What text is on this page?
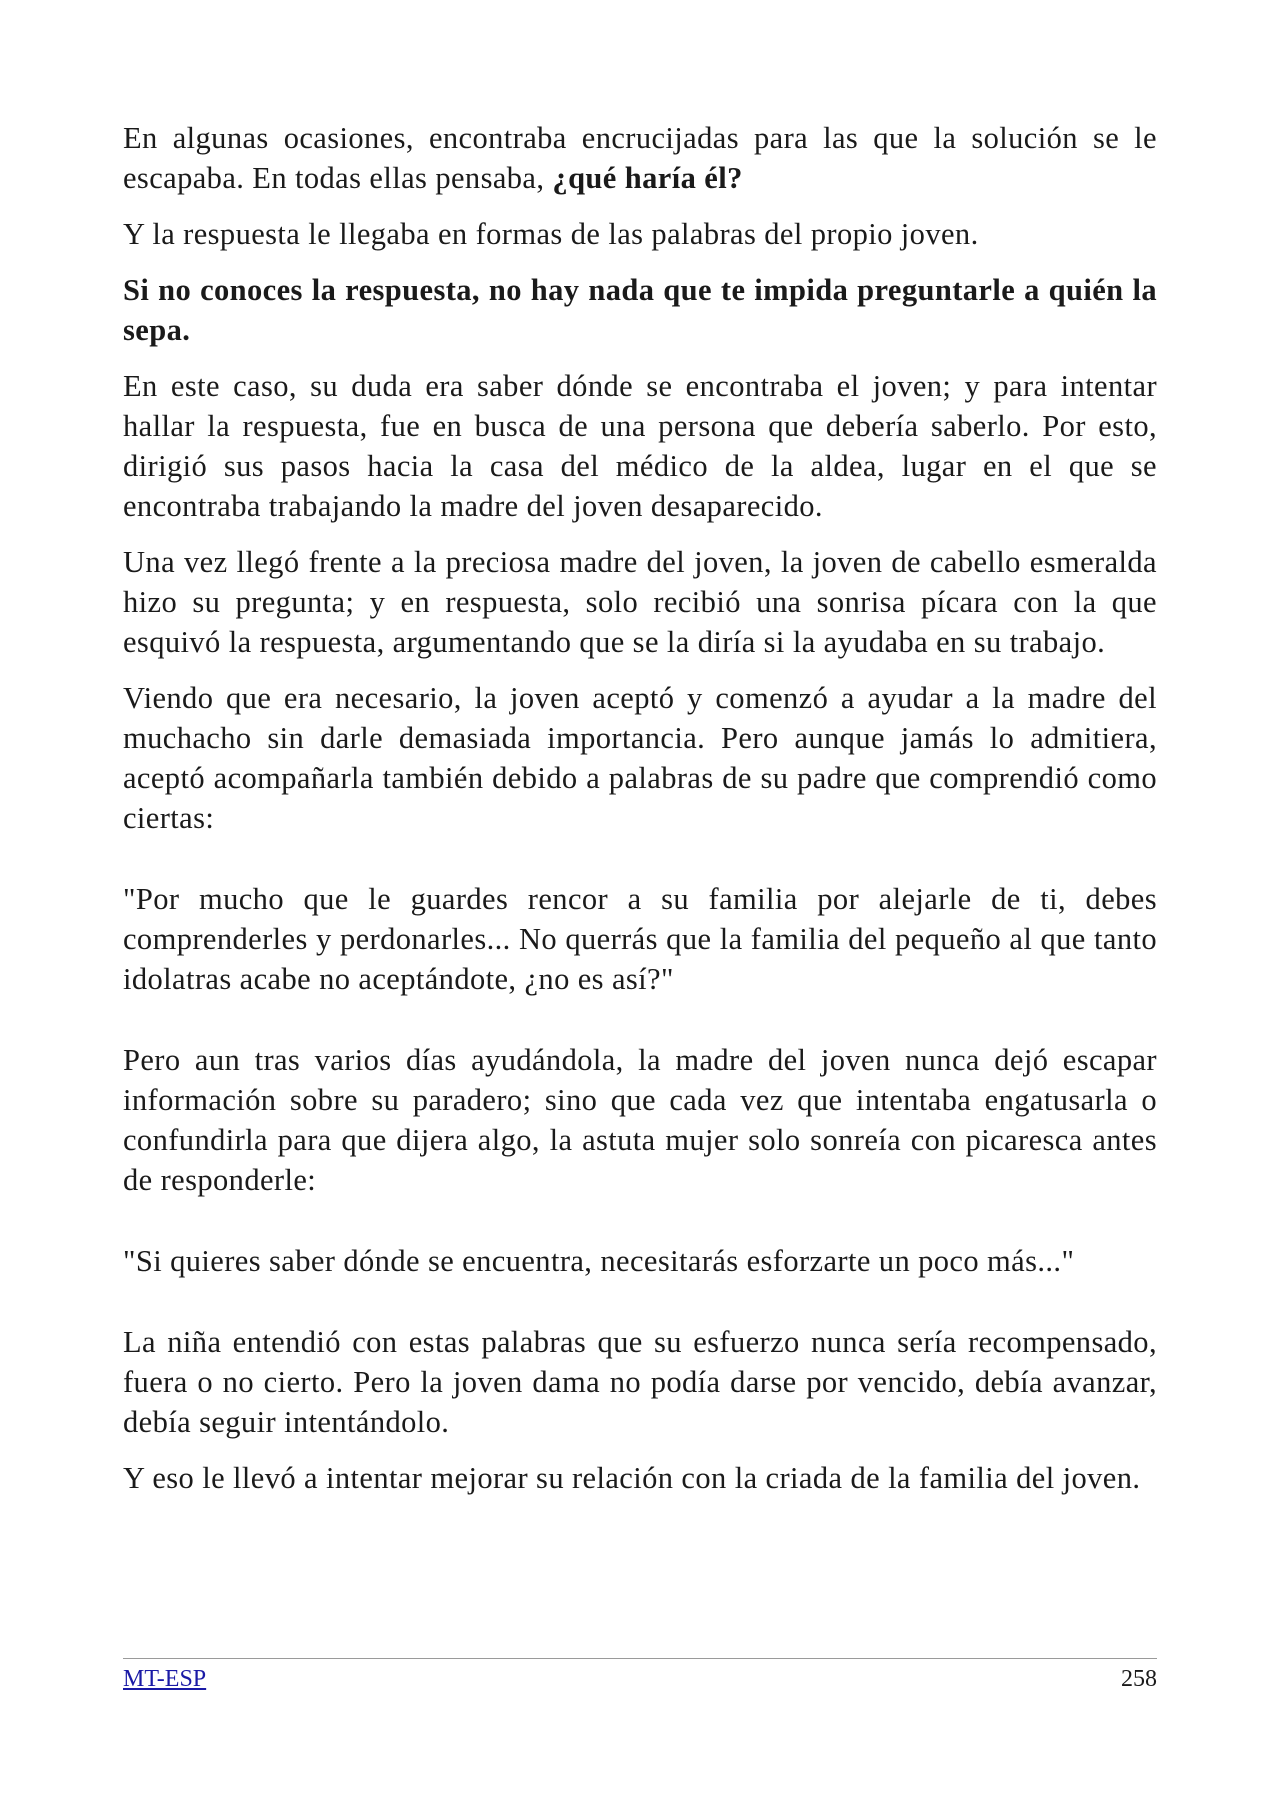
En algunas ocasiones, encontraba encrucijadas para las que la solución se le escapaba. En todas ellas pensaba, ¿qué haría él?

Y la respuesta le llegaba en formas de las palabras del propio joven.

Si no conoces la respuesta, no hay nada que te impida preguntarle a quién la sepa.

En este caso, su duda era saber dónde se encontraba el joven; y para intentar hallar la respuesta, fue en busca de una persona que debería saberlo. Por esto, dirigió sus pasos hacia la casa del médico de la aldea, lugar en el que se encontraba trabajando la madre del joven desaparecido.

Una vez llegó frente a la preciosa madre del joven, la joven de cabello esmeralda hizo su pregunta; y en respuesta, solo recibió una sonrisa pícara con la que esquivó la respuesta, argumentando que se la diría si la ayudaba en su trabajo.

Viendo que era necesario, la joven aceptó y comenzó a ayudar a la madre del muchacho sin darle demasiada importancia. Pero aunque jamás lo admitiera, aceptó acompañarla también debido a palabras de su padre que comprendió como ciertas:

"Por mucho que le guardes rencor a su familia por alejarle de ti, debes comprenderles y perdonarles... No querrás que la familia del pequeño al que tanto idolatras acabe no aceptándote, ¿no es así?"

Pero aun tras varios días ayudándola, la madre del joven nunca dejó escapar información sobre su paradero; sino que cada vez que intentaba engatusarla o confundirla para que dijera algo, la astuta mujer solo sonreía con picaresca antes de responderle:

"Si quieres saber dónde se encuentra, necesitarás esforzarte un poco más..."

La niña entendió con estas palabras que su esfuerzo nunca sería recompensado, fuera o no cierto. Pero la joven dama no podía darse por vencido, debía avanzar, debía seguir intentándolo.

Y eso le llevó a intentar mejorar su relación con la criada de la familia del joven.

MT-ESP	258
